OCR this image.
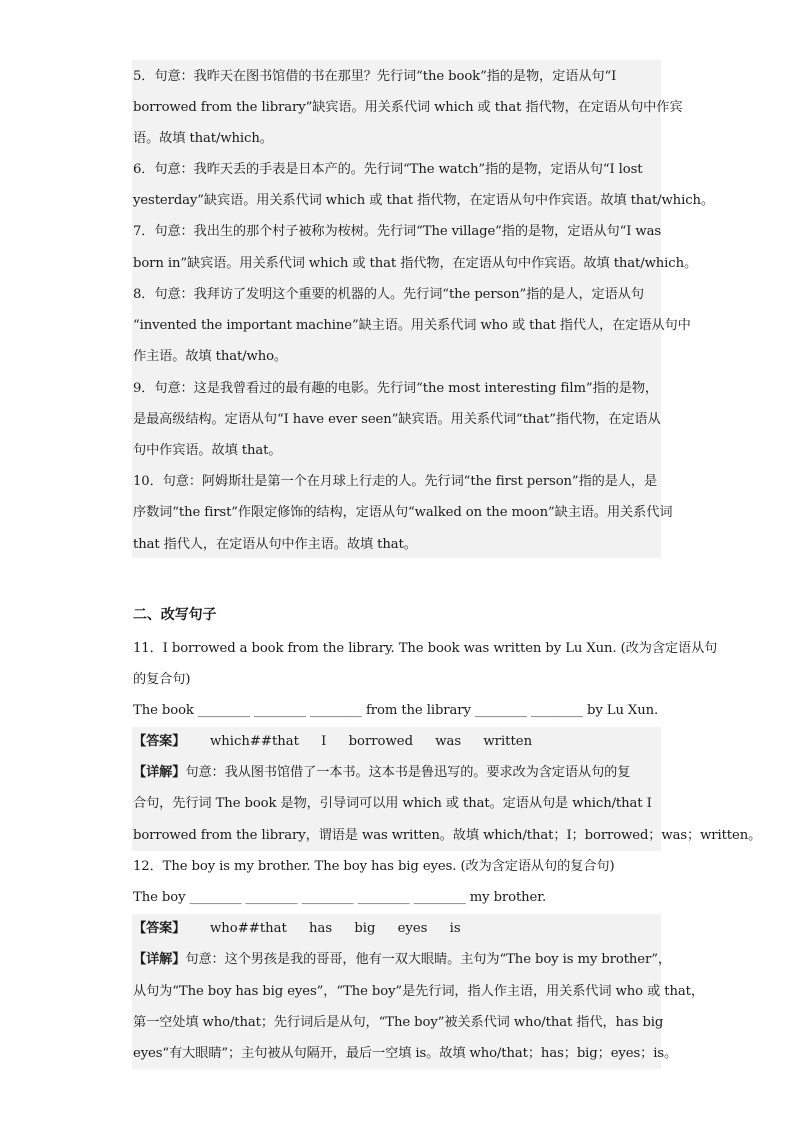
5．句意：我昨天在图书馆借的书在那里？先行词“the book”指的是物，定语从句“I
borrowed from the library”缺宾语。用关系代词 which 或 that 指代物，在定语从句中作宾
语。故填 that/which。
6．句意：我昨天丢的手表是日本产的。先行词“The watch”指的是物，定语从句“I lost
yesterday”缺宾语。用关系代词 which 或 that 指代物，在定语从句中作宾语。故填 that/which。
7．句意：我出生的那个村子被称为桉树。先行词“The village”指的是物，定语从句“I was
born in”缺宾语。用关系代词 which 或 that 指代物，在定语从句中作宾语。故填 that/which。
8．句意：我拜访了发明这个重要的机器的人。先行词“the person”指的是人，定语从句
“invented the important machine”缺主语。用关系代词 who 或 that 指代人，在定语从句中
作主语。故填 that/who。
9．句意：这是我曾看过的最有趣的电影。先行词“the most interesting film”指的是物，
是最高级结构。定语从句“I have ever seen”缺宾语。用关系代词“that”指代物，在定语从
句中作宾语。故填 that。
10．句意：阿姆斯壮是第一个在月球上行走的人。先行词“the first person”指的是人，是
序数词“the first”作限定修饰的结构，定语从句“walked on the moon”缺主语。用关系代词
that 指代人，在定语从句中作主语。故填 that。
二、改写句子
11．I borrowed a book from the library. The book was written by Lu Xun. (改为含定语从句
的复合句)
The book ________ ________ ________ from the library ________ ________ by Lu Xun.
【答案】	which##that I borrowed was written
【详解】句意：我从图书馆借了一本书。这本书是鲁迅写的。要求改为含定语从句的复
合句，先行词 The book 是物，引导词可以用 which 或 that。定语从句是 which/that I
borrowed from the library，谓语是 was written。故填 which/that；I；borrowed；was；written。
12．The boy is my brother. The boy has big eyes. (改为含定语从句的复合句)
The boy ________ ________ ________ ________ ________ my brother.
【答案】	who##that has big eyes is
【详解】句意：这个男孩是我的哥哥，他有一双大眼睛。主句为“The boy is my brother”，
从句为“The boy has big eyes”，“The boy”是先行词，指人作主语，用关系代词 who 或 that，
第一空处填 who/that；先行词后是从句，“The boy”被关系代词 who/that 指代，has big
eyes“有大眼睛”；主句被从句隔开，最后一空填 is。故填 who/that；has；big；eyes；is。
